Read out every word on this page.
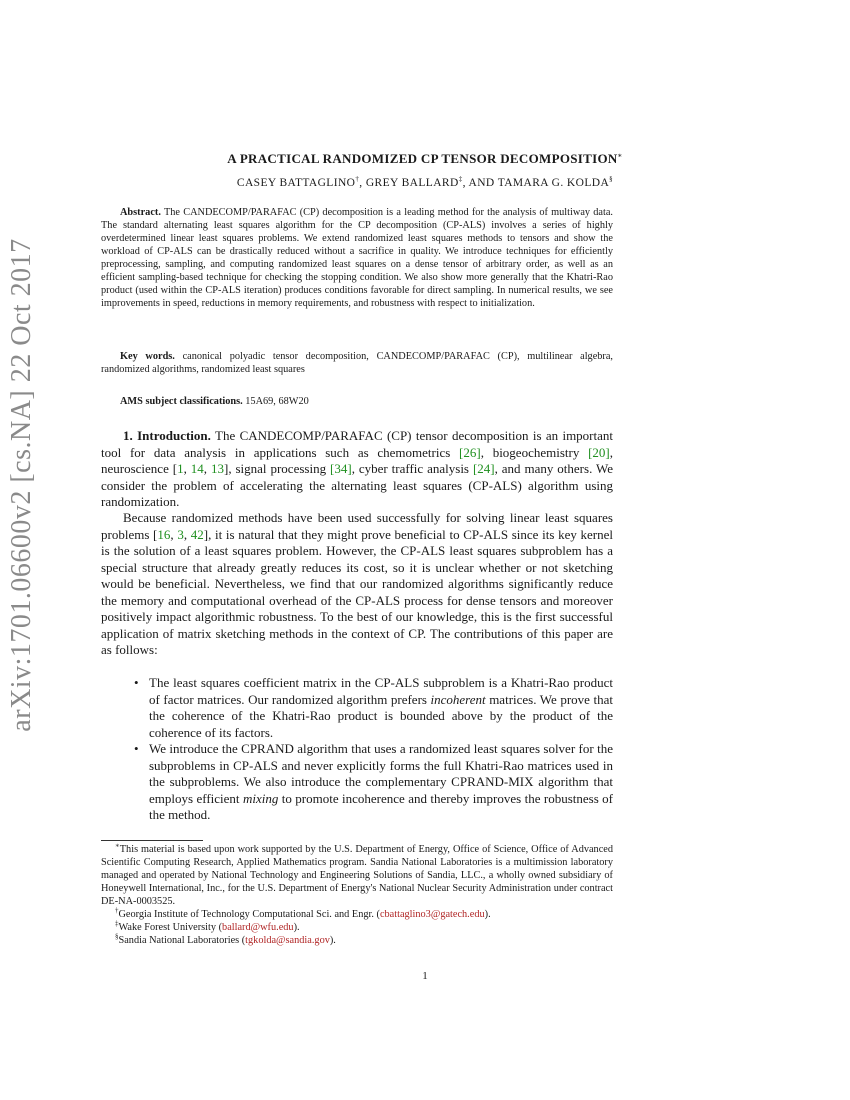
arXiv:1701.06600v2 [cs.NA] 22 Oct 2017
A PRACTICAL RANDOMIZED CP TENSOR DECOMPOSITION∗
CASEY BATTAGLINO†, GREY BALLARD‡, AND TAMARA G. KOLDA§
Abstract. The CANDECOMP/PARAFAC (CP) decomposition is a leading method for the analysis of multiway data. The standard alternating least squares algorithm for the CP decomposition (CP-ALS) involves a series of highly overdetermined linear least squares problems. We extend randomized least squares methods to tensors and show the workload of CP-ALS can be drastically reduced without a sacrifice in quality. We introduce techniques for efficiently preprocessing, sampling, and computing randomized least squares on a dense tensor of arbitrary order, as well as an efficient sampling-based technique for checking the stopping condition. We also show more generally that the Khatri-Rao product (used within the CP-ALS iteration) produces conditions favorable for direct sampling. In numerical results, we see improvements in speed, reductions in memory requirements, and robustness with respect to initialization.
Key words. canonical polyadic tensor decomposition, CANDECOMP/PARAFAC (CP), multilinear algebra, randomized algorithms, randomized least squares
AMS subject classifications. 15A69, 68W20
1. Introduction. The CANDECOMP/PARAFAC (CP) tensor decomposition is an important tool for data analysis in applications such as chemometrics [26], biogeochemistry [20], neuroscience [1, 14, 13], signal processing [34], cyber traffic analysis [24], and many others. We consider the problem of accelerating the alternating least squares (CP-ALS) algorithm using randomization.
Because randomized methods have been used successfully for solving linear least squares problems [16, 3, 42], it is natural that they might prove beneficial to CP-ALS since its key kernel is the solution of a least squares problem. However, the CP-ALS least squares subproblem has a special structure that already greatly reduces its cost, so it is unclear whether or not sketching would be beneficial. Nevertheless, we find that our randomized algorithms significantly reduce the memory and computational overhead of the CP-ALS process for dense tensors and moreover positively impact algorithmic robustness. To the best of our knowledge, this is the first successful application of matrix sketching methods in the context of CP. The contributions of this paper are as follows:
• The least squares coefficient matrix in the CP-ALS subproblem is a Khatri-Rao product of factor matrices. Our randomized algorithm prefers incoherent matrices. We prove that the coherence of the Khatri-Rao product is bounded above by the product of the coherence of its factors.
• We introduce the CPRAND algorithm that uses a randomized least squares solver for the subproblems in CP-ALS and never explicitly forms the full Khatri-Rao matrices used in the subproblems. We also introduce the complementary CPRAND-MIX algorithm that employs efficient mixing to promote incoherence and thereby improves the robustness of the method.

∗This material is based upon work supported by the U.S. Department of Energy, Office of Science, Office of Advanced Scientific Computing Research, Applied Mathematics program. Sandia National Laboratories is a multimission laboratory managed and operated by National Technology and Engineering Solutions of Sandia, LLC., a wholly owned subsidiary of Honeywell International, Inc., for the U.S. Department of Energy's National Nuclear Security Administration under contract DE-NA-0003525.

†Georgia Institute of Technology Computational Sci. and Engr. (cbattaglino3@gatech.edu).

‡Wake Forest University (ballard@wfu.edu).

§Sandia National Laboratories (tgkolda@sandia.gov).

1
